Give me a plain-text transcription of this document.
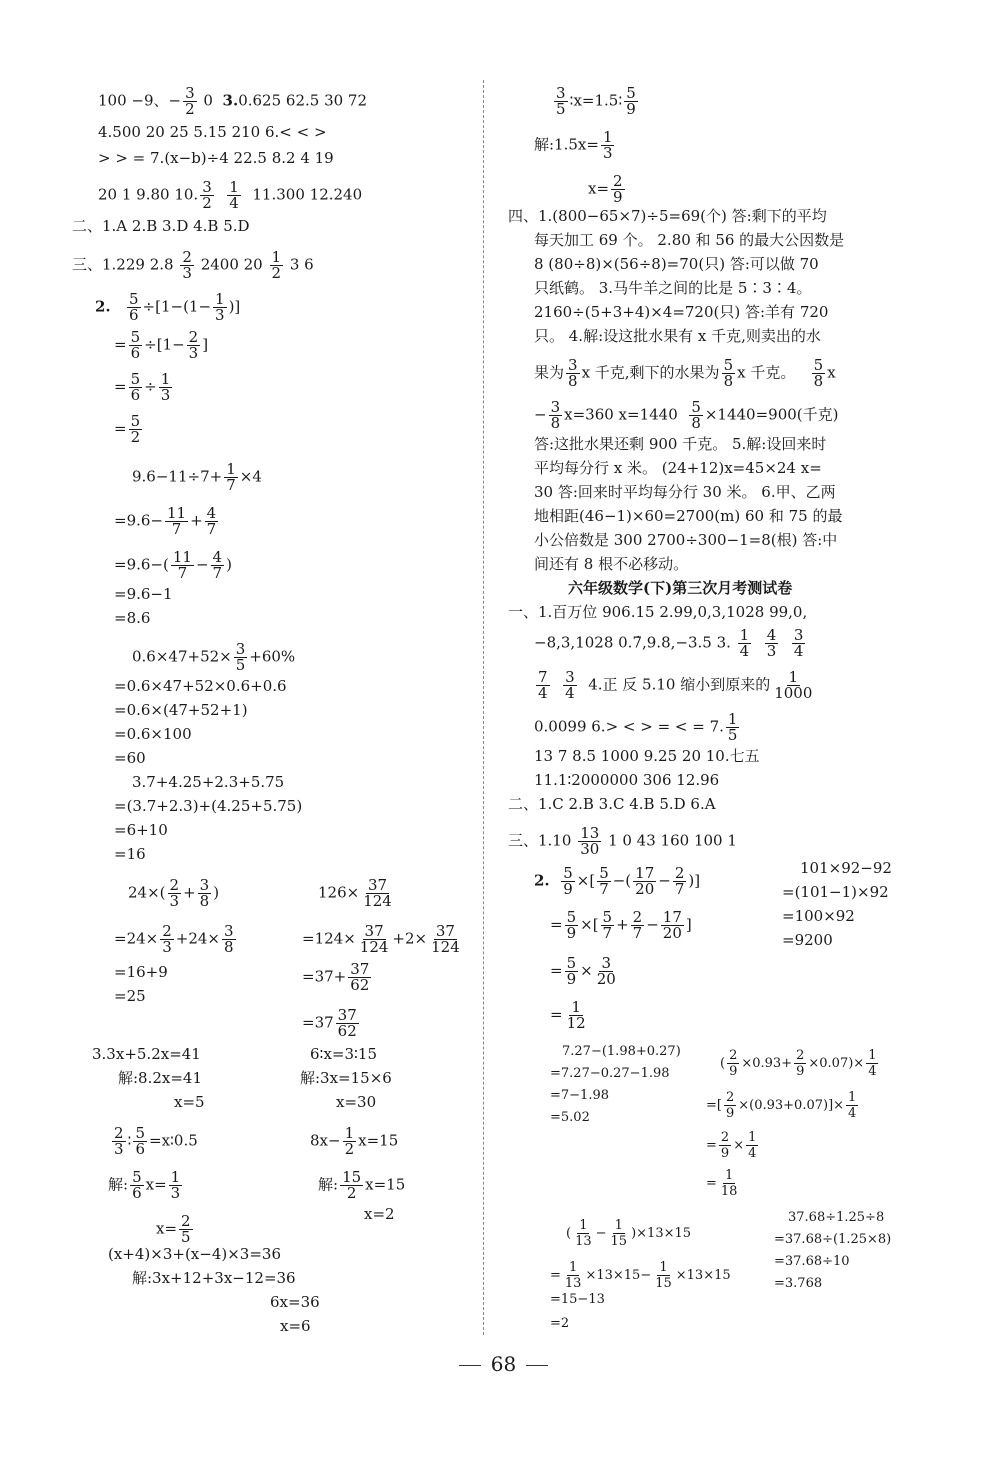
100 −9、− $\frac{3}{2} 0$ 3.0.625 62.5 30 72
4.500 20 25 5.15 210 6.< < >
> > = 7.(x−b)÷4 22.5 8.2 4 19
20 1 9.80 10. $\frac{3}{2}$
$\frac{1}{4} 11.300$ 12.240
二、1.A 2.B 3.D 4.B 5.D
三、1.229 $2.8 \frac{2}{3} 2400$ $20 \frac{1}{2} 3$ 6
2. $\frac{5}{6} \div[1-(1- \frac{1}{3}$ )]
= $\frac{5}{6} \div[1- \frac{2}{3}$ ]
= $\frac{5}{6} \div \frac{1}{3}$
= $\frac{5}{2}$
$9.6-11\div 7+ \frac{1}{7} \times 4$
$=9.6- \frac{11}{7} + \frac{4}{7}$
$=9.6-( \frac{11}{7} - \frac{4}{7}$ )
=9.6−1
=8.6
$0.6\times 47+52\times \frac{3}{5} +60\%$
=0.6×47+52×0.6+0.6
=0.6×(47+52+1)
=0.6×100
=60
3.7+4.25+2.3+5.75
=(3.7+2.3)+(4.25+5.75)
=6+10
=16
$24\times( \frac{2}{3} + \frac{3}{8}$ )	$126\times \frac{37}{124}$
$=24\times \frac{2}{3} +24\times \frac{3}{8}$	$=124\times \frac{37}{124} +2\times \frac{37}{124}$
=16+9	$=37+ \frac{37}{62}$
=25
$=37 \frac{37}{62}$
3.3x+5.2x=41	6∶x=3∶15
解:8.2x=41	解:3x=15×6
x=5	x=30
$\frac{2}{3}$ ∶ $\frac{5}{6}$ =x∶0.5	$8x- \frac{1}{2} x=15$
解: $\frac{5}{6} x= \frac{1}{3}$	解: $\frac{15}{2} x=15$
$x= \frac{2}{5}$	x=2
(x+4)×3+(x−4)×3=36
解:3x+12+3x−12=36
6x=36
x=6
$\frac{3}{5}$ ∶x=1.5∶ $\frac{5}{9}$
解:1.5x= $\frac{1}{3}$
$x= \frac{2}{9}$
四、1.(800−65×7)÷5=69(个) 答:剩下的平均
每天加工 69 个。 2.80 和 56 的最大公因数是
8 (80÷8)×(56÷8)=70(只) 答:可以做 70
只纸鹤。 3.马牛羊之间的比是 5∶3∶4。
2160÷(5+3+4)×4=720(只) 答:羊有 720
只。 4.解:设这批水果有 x 千克,则卖出的水
果为 $\frac{3}{8}$ x 千克,剩下的水果为 $\frac{5}{8}$ x 千克。 $\frac{5}{8}$ x
− $\frac{3}{8} x=360$ $x=1440 \frac{5}{8} \times 1440=900$(千克)
答:这批水果还剩 900 千克。 5.解:设回来时
平均每分行 x 米。 (24+12)x=45×24 x=
30 答:回来时平均每分行 30 米。 6.甲、乙两
地相距(46−1)×60=2700(m) 60 和 75 的最
小公倍数是 300 2700÷300−1=8(根) 答:中
间还有 8 根不必移动。
六年级数学(下)第三次月考测试卷
一、1.百万位 906.15 2.99,0,3,1028 99,0,
−8,3,1028 0.7̇,9.8,−3.5 3. $\frac{1}{4}$
$\frac{4}{3}$
$\frac{3}{4}$
$\frac{7}{4}$
$\frac{3}{4} 4$.正 反 5.10 缩小到原来的 $\frac{1}{1000}$
0.0099 6.> < > = < = 7. $\frac{1}{5}$
13 7 8.5 1000 9.25 20 10.七五
11.1∶2000000 306 12.96
二、1.C 2.B 3.C 4.B 5.D 6.A
三、$1.10 \frac{13}{30} 1$ 0 43 160 100 1
2. $\frac{5}{9}$ ×[ $\frac{5}{7}$ −( $\frac{17}{20} - \frac{2}{7}$ )]
101×92−92
=(101−1)×92
=100×92
=9200
= $\frac{5}{9}$ ×[ $\frac{5}{7} + \frac{2}{7} - \frac{17}{20}$ ]
= $\frac{5}{9} \times \frac{3}{20}$
= $\frac{1}{12}$
7.27−(1.98+0.27)
=7.27−0.27−1.98
=7−1.98
=5.02
( $\frac{2}{9} \times 0.93+ \frac{2}{9} \times 0.07)\times \frac{1}{4}$
=[ $\frac{2}{9} \times(0.93+0.07)]\times \frac{1}{4}$
= $\frac{2}{9} \times \frac{1}{4}$
= $\frac{1}{18}$
( $\frac{1}{13} - \frac{1}{15} )\times 13\times 15$
= $\frac{1}{13} \times 13\times 15- \frac{1}{15} \times 13\times 15$
=15−13
=2
37.68÷1.25÷8
=37.68÷(1.25×8)
=37.68÷10
=3.768
68
